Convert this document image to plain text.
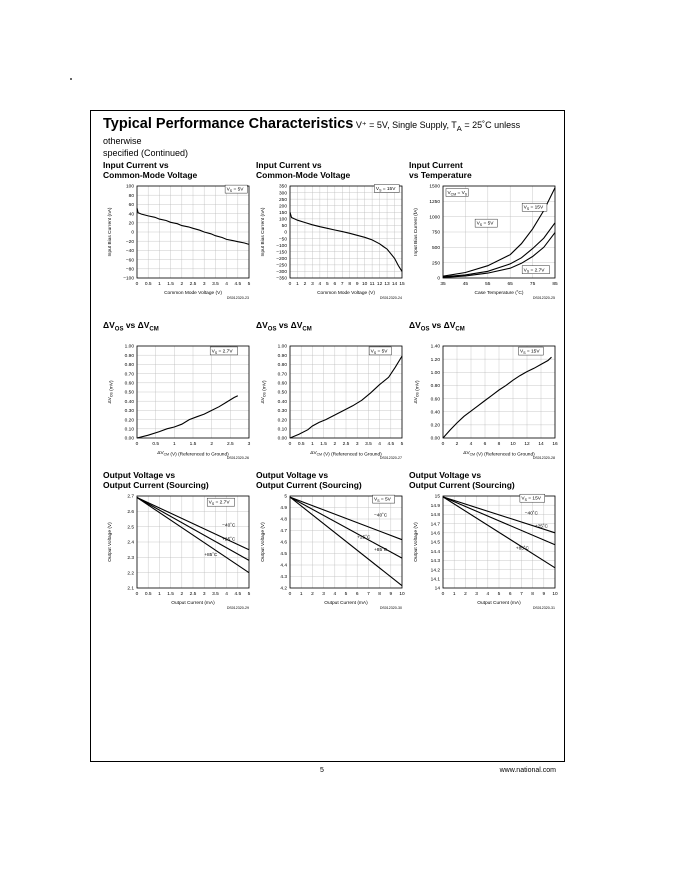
Typical Performance Characteristics V⁺ = 5V, Single Supply, $T_A$ = 25˚C unless otherwise
specified (Continued)
Input Current vs
Common-Mode Voltage
0 0.5 1 1.5 2 2.5 3 3.5 4 4.5 5
100
80
60
40
20
0
−20
−40
−60
−80
−100
$V_S = 5V$
Common Mode Voltage (V)
Input Bias Current (nA)
DS012320-23
Input Current vs
Common-Mode Voltage
0 1 2 3 4 5 6 7 8 9 10 11 12 13 14 15
350
300
250
200
150
100
50
0
−50
−100
−150
−200
−250
−300
−350
$V_S = 15V$
Common Mode Voltage (V)
Input Bias Current (nA)
DS012320-24
Input Current
vs Temperature
35	45	55	65	75	85
1500
1250
1000
750
500
250
0
$V_{CM} = V_S$
$V_S = 15V$
$V_S = 5V$
$V_S = 2.7V$
Case Temperature (˚C)
Input Bias Current (fA)
DS012320-25
$\Delta V_{OS}$ vs $\Delta V_{CM}$
0	0.5	1	1.5	2	2.5	3
1.00
0.90
0.80
0.70
0.60
0.50
0.40
0.30
0.20
0.10
0.00
$V_S = 2.7V$
$\Delta V_{CM}$ (V) (Referenced to Ground)
$\Delta V_{OS}$ (mV)
DS012320-26
$\Delta V_{OS}$ vs $\Delta V_{CM}$
0 0.5 1 1.5 2 2.5 3 3.5 4 4.5 5
1.00
0.90
0.80
0.70
0.60
0.50
0.40
0.30
0.20
0.10
0.00
$V_S = 5V$
$\Delta V_{CM}$ (V) (Referenced to Ground)
$\Delta V_{OS}$ (mV)
DS012320-27
$\Delta V_{OS}$ vs $\Delta V_{CM}$
0 2 4 6 8 10 12 14 16
1.40
1.20
1.00
0.80
0.60
0.40
0.20
0.00
$V_S = 15V$
$\Delta V_{CM}$ (V) (Referenced to Ground)
$\Delta V_{OS}$ (mV)
DS012320-28
Output Voltage vs
Output Current (Sourcing)
0 0.5 1 1.5 2 2.5 3 3.5 4 4.5 5
2.7
2.6
2.5
2.4
2.3
2.2
2.1
$V_S = 2.7V$
−40˚C
+25˚C
+85˚C
Output Current (mA)
Output Voltage (V)
DS012320-29
Output Voltage vs
Output Current (Sourcing)
0 1 2 3 4 5 6 7 8 9 10
5
4.9
4.8
4.7
4.6
4.5
4.4
4.3
4.2
$V_S = 5V$
−40˚C
+25˚C
+85˚C
Output Current (mA)
Output Voltage (V)
DS012320-30
Output Voltage vs
Output Current (Sourcing)
0 1 2 3 4 5 6 7 8 9 10
15
14.9
14.8
14.7
14.6
14.5
14.4
14.3
14.2
14.1
14
$V_S = 15V$
−40˚C
+25˚C
+85˚C
Output Current (mA)
Output Voltage (V)
DS012320-31
5	www.national.com
